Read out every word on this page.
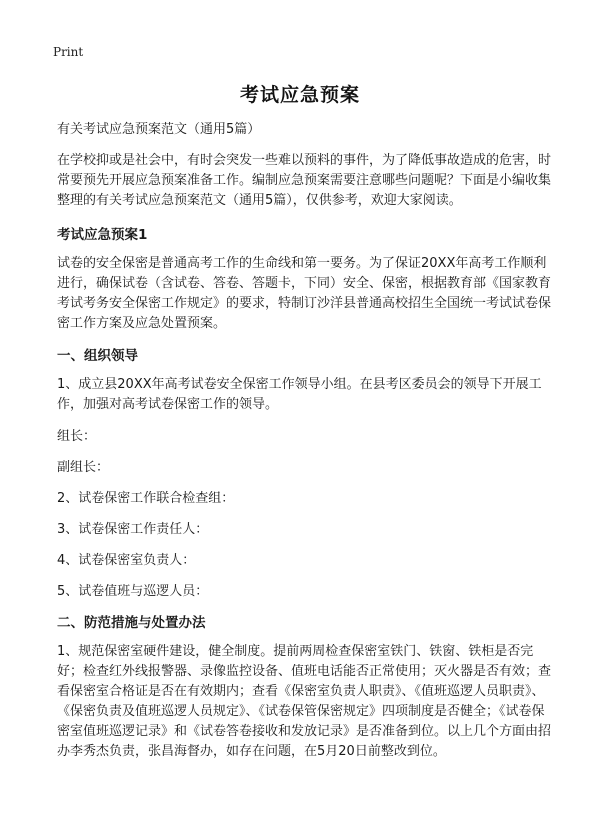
Print
考试应急预案

有关考试应急预案范文（通用5篇）

在学校抑或是社会中，有时会突发一些难以预料的事件，为了降低事故造成的危害，时常要预先开展应急预案准备工作。编制应急预案需要注意哪些问题呢？下面是小编收集整理的有关考试应急预案范文（通用5篇），仅供参考，欢迎大家阅读。

考试应急预案1

试卷的安全保密是普通高考工作的生命线和第一要务。为了保证20XX年高考工作顺利进行，确保试卷（含试卷、答卷、答题卡，下同）安全、保密，根据教育部《国家教育考试考务安全保密工作规定》的要求，特制订沙洋县普通高校招生全国统一考试试卷保密工作方案及应急处置预案。

一、组织领导

1、成立县20XX年高考试卷安全保密工作领导小组。在县考区委员会的领导下开展工作，加强对高考试卷保密工作的领导。

组长：

副组长：

2、试卷保密工作联合检查组：

3、试卷保密工作责任人：

4、试卷保密室负责人：

5、试卷值班与巡逻人员：

二、防范措施与处置办法

1、规范保密室硬件建设，健全制度。提前两周检查保密室铁门、铁窗、铁柜是否完好；检查红外线报警器、录像监控设备、值班电话能否正常使用；灭火器是否有效；查看保密室合格证是否在有效期内；查看《保密室负责人职责》、《值班巡逻人员职责》、《保密负责及值班巡逻人员规定》、《试卷保管保密规定》四项制度是否健全；《试卷保密室值班巡逻记录》和《试卷答卷接收和发放记录》是否准备到位。以上几个方面由招办李秀杰负责，张昌海督办，如存在问题，在5月20日前整改到位。
